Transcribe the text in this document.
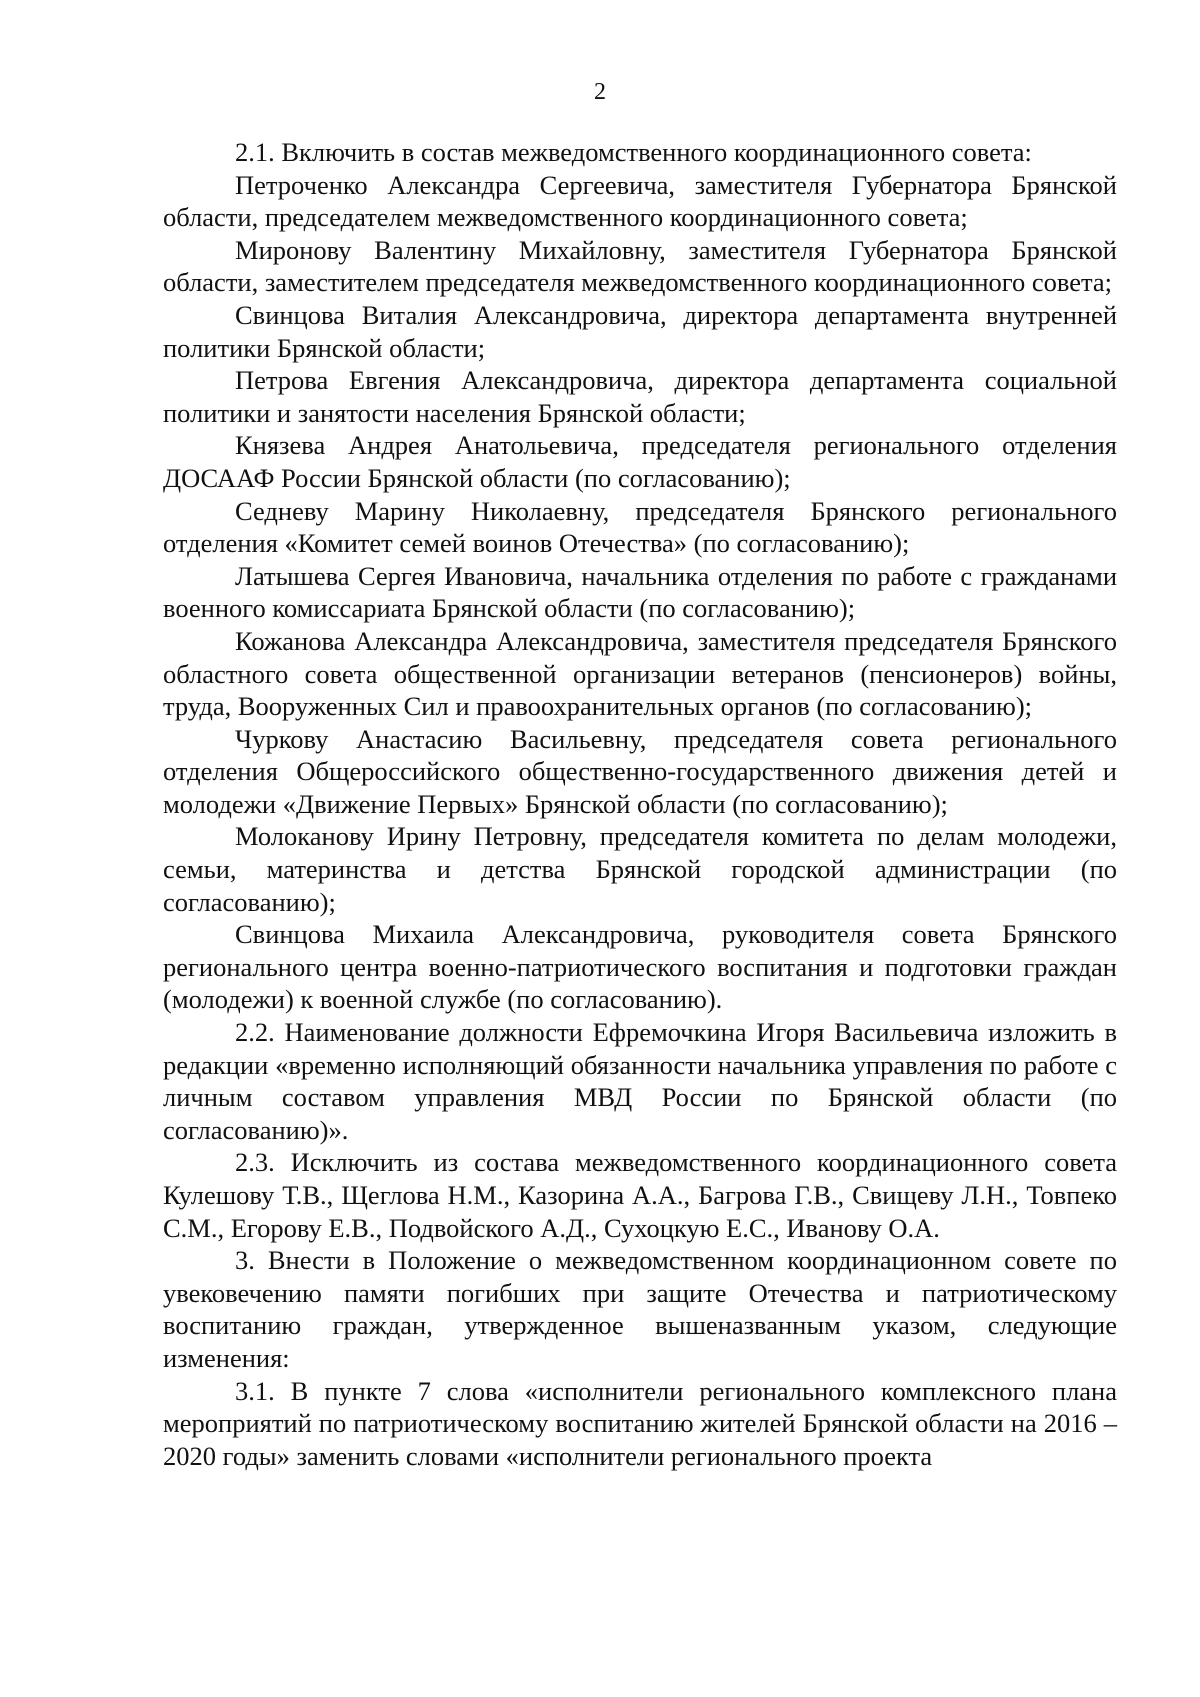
2

2.1. Включить в состав межведомственного координационного совета:

Петроченко Александра Сергеевича, заместителя Губернатора Брянской области, председателем межведомственного координационного совета;

Миронову Валентину Михайловну, заместителя Губернатора Брянской области, заместителем председателя межведомственного координационного совета;

Свинцова Виталия Александровича, директора департамента внутренней политики Брянской области;

Петрова Евгения Александровича, директора департамента социальной политики и занятости населения Брянской области;

Князева Андрея Анатольевича, председателя регионального отделения ДОСААФ России Брянской области (по согласованию);

Седневу Марину Николаевну, председателя Брянского регионального отделения «Комитет семей воинов Отечества» (по согласованию);

Латышева Сергея Ивановича, начальника отделения по работе с гражданами военного комиссариата Брянской области (по согласованию);

Кожанова Александра Александровича, заместителя председателя Брянского областного совета общественной организации ветеранов (пенсионеров) войны, труда, Вооруженных Сил и правоохранительных органов (по согласованию);

Чуркову Анастасию Васильевну, председателя совета регионального отделения Общероссийского общественно-государственного движения детей и молодежи «Движение Первых» Брянской области (по согласованию);

Молоканову Ирину Петровну, председателя комитета по делам молодежи, семьи, материнства и детства Брянской городской администрации (по согласованию);

Свинцова Михаила Александровича, руководителя совета Брянского регионального центра военно-патриотического воспитания и подготовки граждан (молодежи) к военной службе (по согласованию).

2.2. Наименование должности Ефремочкина Игоря Васильевича изложить в редакции «временно исполняющий обязанности начальника управления по работе с личным составом управления МВД России по Брянской области (по согласованию)».

2.3. Исключить из состава межведомственного координационного совета Кулешову Т.В., Щеглова Н.М., Казорина А.А., Багрова Г.В., Свищеву Л.Н., Товпеко С.М., Егорову Е.В., Подвойского А.Д., Сухоцкую Е.С., Иванову О.А.

3. Внести в Положение о межведомственном координационном совете по увековечению памяти погибших при защите Отечества и патриотическому воспитанию граждан, утвержденное вышеназванным указом, следующие изменения:

3.1. В пункте 7 слова «исполнители регионального комплексного плана мероприятий по патриотическому воспитанию жителей Брянской области на 2016 – 2020 годы» заменить словами «исполнители регионального проекта
